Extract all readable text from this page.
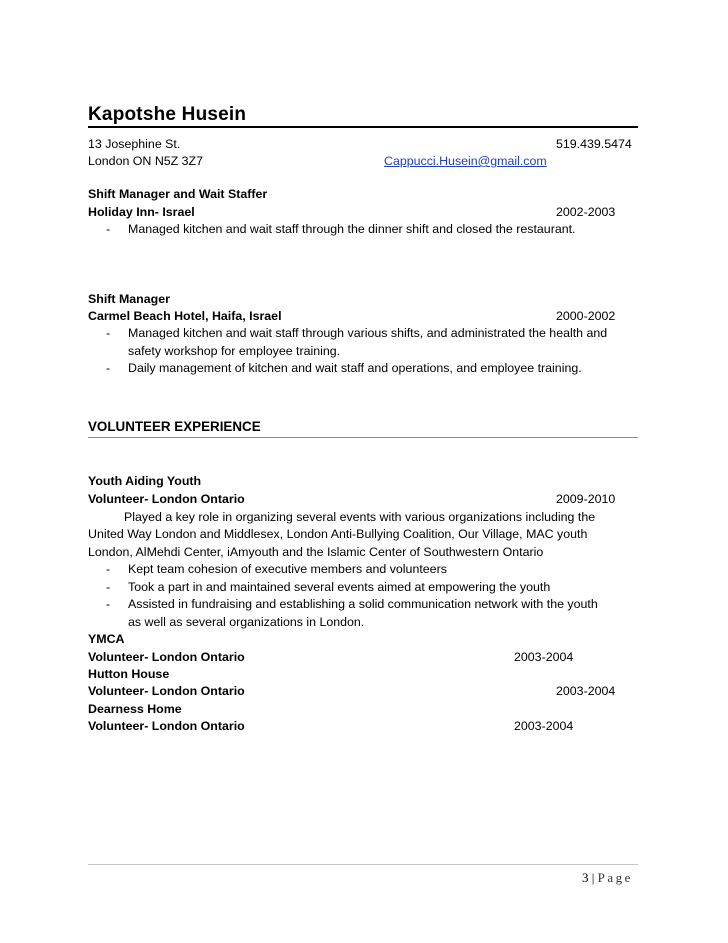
Kapotshe Husein
13 Josephine St.	519.439.5474
London ON N5Z 3Z7	Cappucci.Husein@gmail.com
Shift Manager and Wait Staffer
Holiday Inn- Israel	2002-2003
- Managed kitchen and wait staff through the dinner shift and closed the restaurant.
Shift Manager
Carmel Beach Hotel, Haifa, Israel	2000-2002
- Managed kitchen and wait staff through various shifts, and administrated the health and
safety workshop for employee training.
- Daily management of kitchen and wait staff and operations, and employee training.
VOLUNTEER EXPERIENCE
Youth Aiding Youth
Volunteer- London Ontario	2009-2010
Played a key role in organizing several events with various organizations including the
United Way London and Middlesex, London Anti-Bullying Coalition, Our Village, MAC youth
London, AlMehdi Center, iAmyouth and the Islamic Center of Southwestern Ontario
- Kept team cohesion of executive members and volunteers
- Took a part in and maintained several events aimed at empowering the youth
- Assisted in fundraising and establishing a solid communication network with the youth
as well as several organizations in London.
YMCA
Volunteer- London Ontario	2003-2004
Hutton House
Volunteer- London Ontario	2003-2004
Dearness Home
Volunteer- London Ontario	2003-2004
3 | Page
